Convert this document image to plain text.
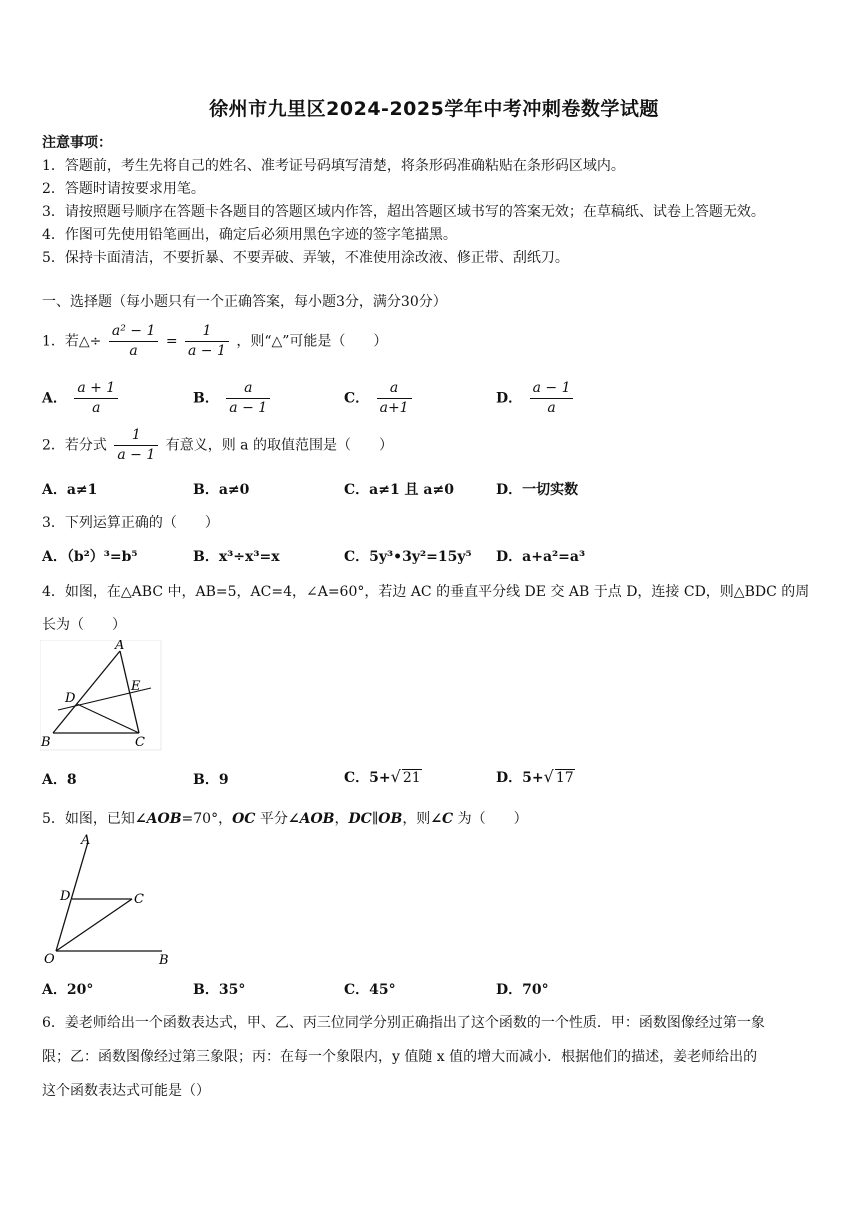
徐州市九里区2024-2025学年中考冲刺卷数学试题
注意事项：
1．答题前，考生先将自己的姓名、准考证号码填写清楚，将条形码准确粘贴在条形码区域内。
2．答题时请按要求用笔。
3．请按照题号顺序在答题卡各题目的答题区域内作答，超出答题区域书写的答案无效；在草稿纸、试卷上答题无效。
4．作图可先使用铅笔画出，确定后必须用黑色字迹的签字笔描黑。
5．保持卡面清洁，不要折暴、不要弄破、弄皱，不准使用涂改液、修正带、刮纸刀。
一、选择题（每小题只有一个正确答案，每小题3分，满分30分）
1．若△÷ $\frac{\text{a² − 1}}{a} = \frac{1}{a - 1}$ ，则“△”可能是（　　）
A． $\frac{a + 1}{a}$	B． $\frac{a}{a - 1}$	C． $\frac{a}{a+1}$	D． $\frac{a - 1}{a}$
2．若分式 $\frac{1}{a - 1}$ 有意义，则 a 的取值范围是（　　）
A．a≠1	B．a≠0	C．a≠1 且 a≠0	D．一切实数
3．下列运算正确的（　　）
A．（b²）³=b⁵	B．x³÷x³=x	C．5y³•3y²=15y⁵ D．a+a²=a³
4．如图，在△ABC 中，AB=5，AC=4，∠A=60°，若边 AC 的垂直平分线 DE 交 AB 于点 D，连接 CD，则△BDC 的周
长为（　　）
A
D
E
B	C
A．8	B．9	C．5+√ 21	D．5+√ 17
5．如图，已知∠AOB=70°，OC 平分∠AOB，DC∥OB，则∠C 为（　　）
A
D	C
O	B
A．20°	B．35°	C．45°	D．70°
6．姜老师给出一个函数表达式，甲、乙、丙三位同学分别正确指出了这个函数的一个性质．甲：函数图像经过第一象
限；乙：函数图像经过第三象限；丙：在每一个象限内，y 值随 x 值的增大而减小．根据他们的描述，姜老师给出的
这个函数表达式可能是（）
